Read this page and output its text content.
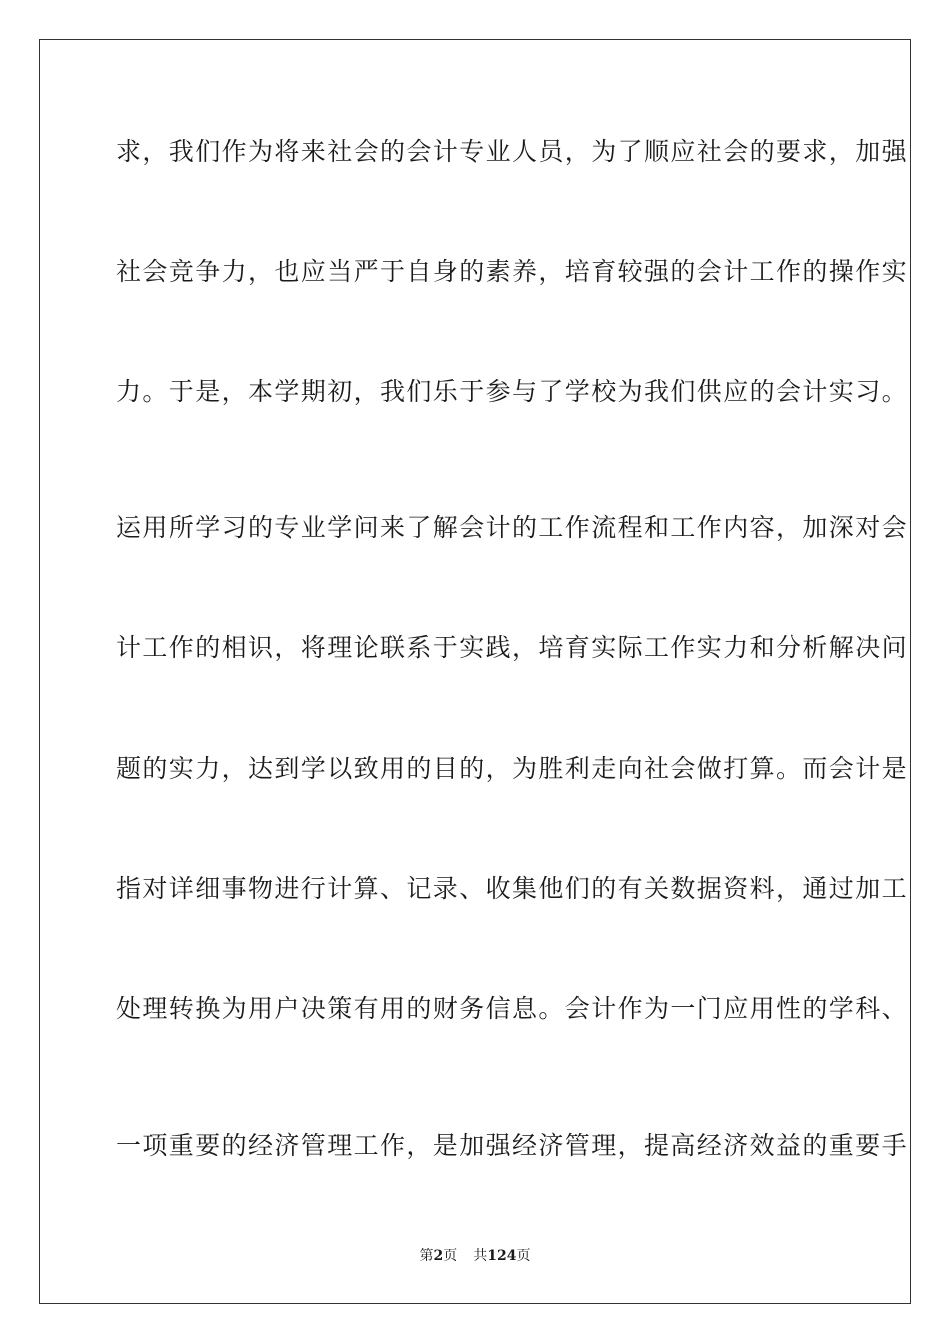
求，我们作为将来社会的会计专业人员，为了顺应社会的要求，加强
社会竞争力，也应当严于自身的素养，培育较强的会计工作的操作实
力。于是，本学期初，我们乐于参与了学校为我们供应的会计实习。
运用所学习的专业学问来了解会计的工作流程和工作内容，加深对会
计工作的相识，将理论联系于实践，培育实际工作实力和分析解决问
题的实力，达到学以致用的目的，为胜利走向社会做打算。而会计是
指对详细事物进行计算、记录、收集他们的有关数据资料，通过加工
处理转换为用户决策有用的财务信息。会计作为一门应用性的学科、
一项重要的经济管理工作，是加强经济管理，提高经济效益的重要手
第2页 共124页
